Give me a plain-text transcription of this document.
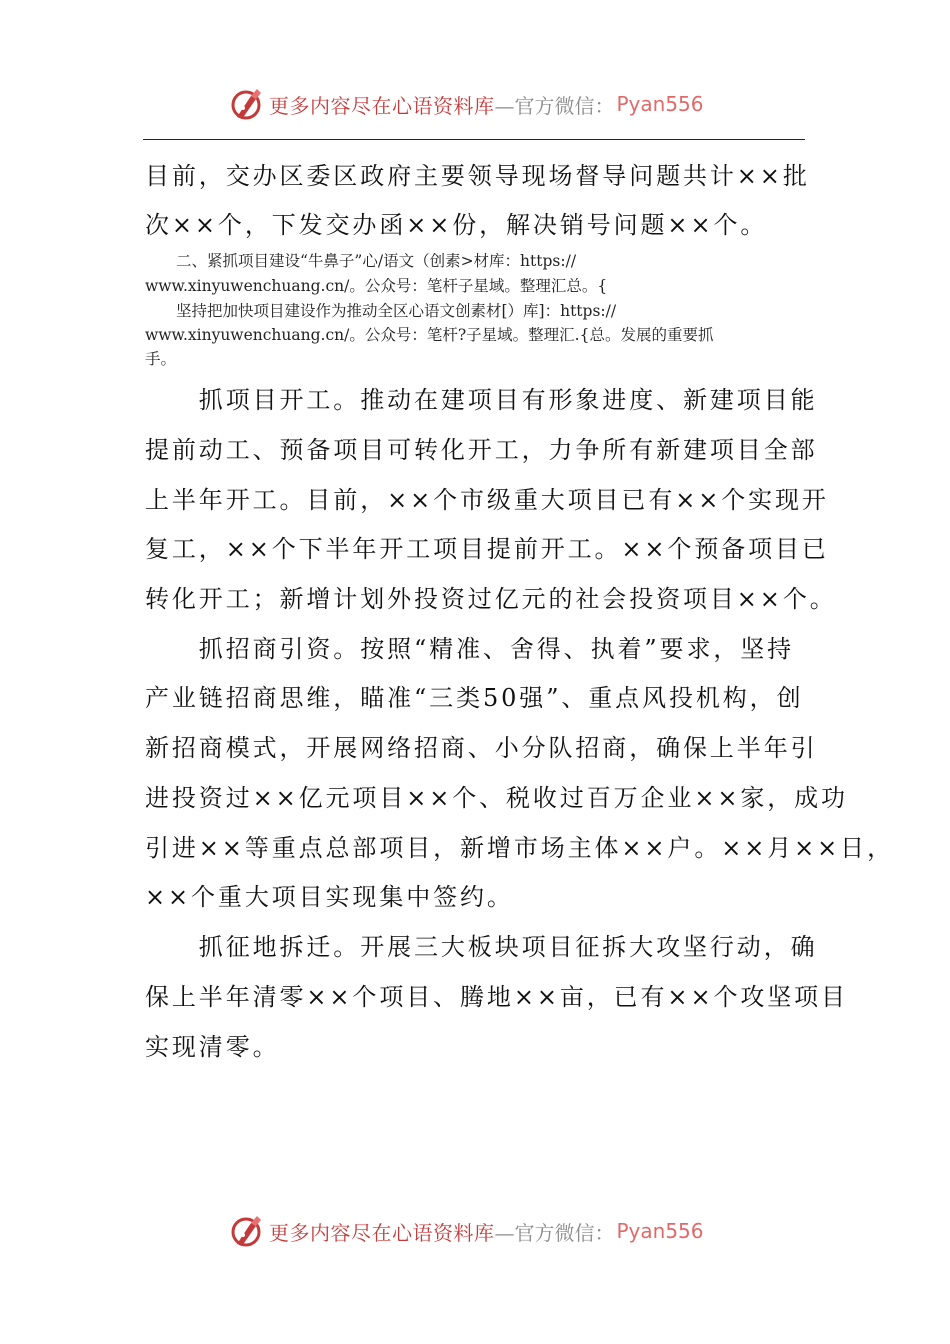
更多内容尽在心语资料库 —官方微信： Pyan556

目前，交办区委区政府主要领导现场督导问题共计××批

次××个，下发交办函××份，解决销号问题××个。

　　二、紧抓项目建设“牛鼻子”心/语文（创素>材库：https://

www.xinyuwenchuang.cn/。公众号：笔杆子星域。整理汇总。{

　　坚持把加快项目建设作为推动全区心语文创素材[）库]：https://

www.xinyuwenchuang.cn/。公众号：笔杆?子星域。整理汇.{总。发展的重要抓

手。

　　抓项目开工。推动在建项目有形象进度、新建项目能

提前动工、预备项目可转化开工，力争所有新建项目全部

上半年开工。目前，××个市级重大项目已有××个实现开

复工，××个下半年开工项目提前开工。××个预备项目已

转化开工；新增计划外投资过亿元的社会投资项目××个。

　　抓招商引资。按照“精准、舍得、执着”要求，坚持

产业链招商思维，瞄准“三类50强”、重点风投机构，创

新招商模式，开展网络招商、小分队招商，确保上半年引

进投资过××亿元项目××个、税收过百万企业××家，成功

引进××等重点总部项目，新增市场主体××户。××月××日，

××个重大项目实现集中签约。

　　抓征地拆迁。开展三大板块项目征拆大攻坚行动，确

保上半年清零××个项目、腾地××亩，已有××个攻坚项目

实现清零。

更多内容尽在心语资料库 —官方微信： Pyan556
